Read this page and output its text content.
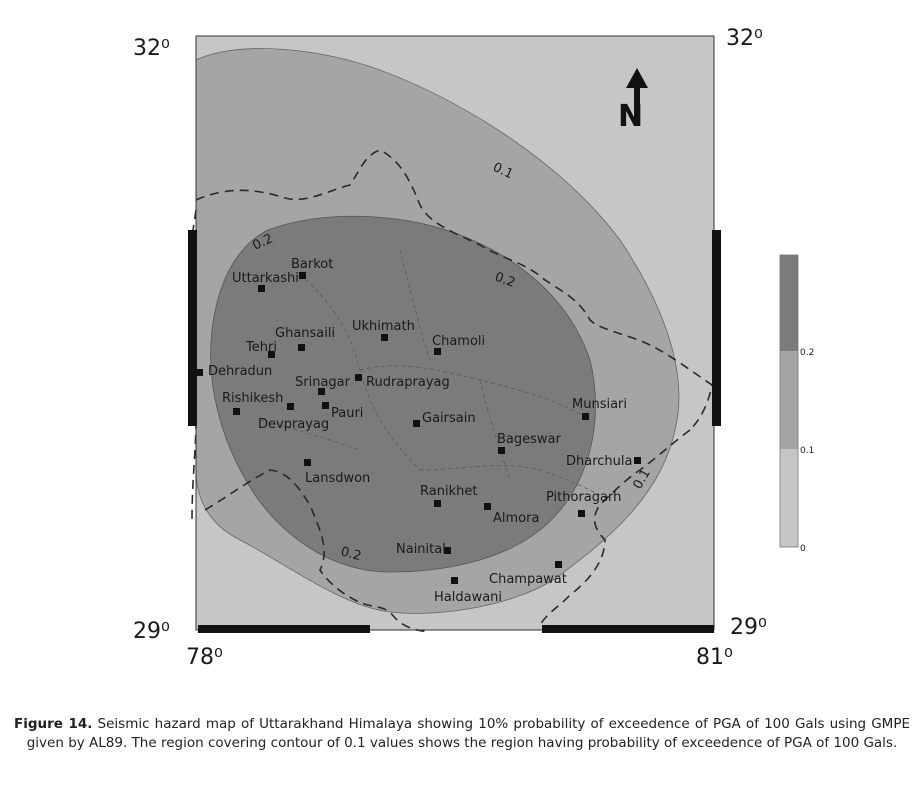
32⁰	32⁰
29⁰	29⁰
78⁰	81⁰
N
0.1
0.2
0.2
0.2
0.1
Barkot
Uttarkashi
Ghansaili Ukhimath
Tehri	Chamoli
Dehradun
Srinagar Rudraprayag
Rishikesh
Pauri
Devprayag	Gairsain
Munsiari
Bageswar
Dharchula
Lansdwon
Ranikhet	Pithoragarh
Almora
Nainital
Champawat
Haldawani
0.2
0.1
0
Figure 14. Seismic hazard map of Uttarakhand Himalaya showing 10% probability of exceedence of PGA of 100 Gals using GMPE given by AL89. The region covering contour of 0.1 values shows the region having probability of exceedence of PGA of 100 Gals.
